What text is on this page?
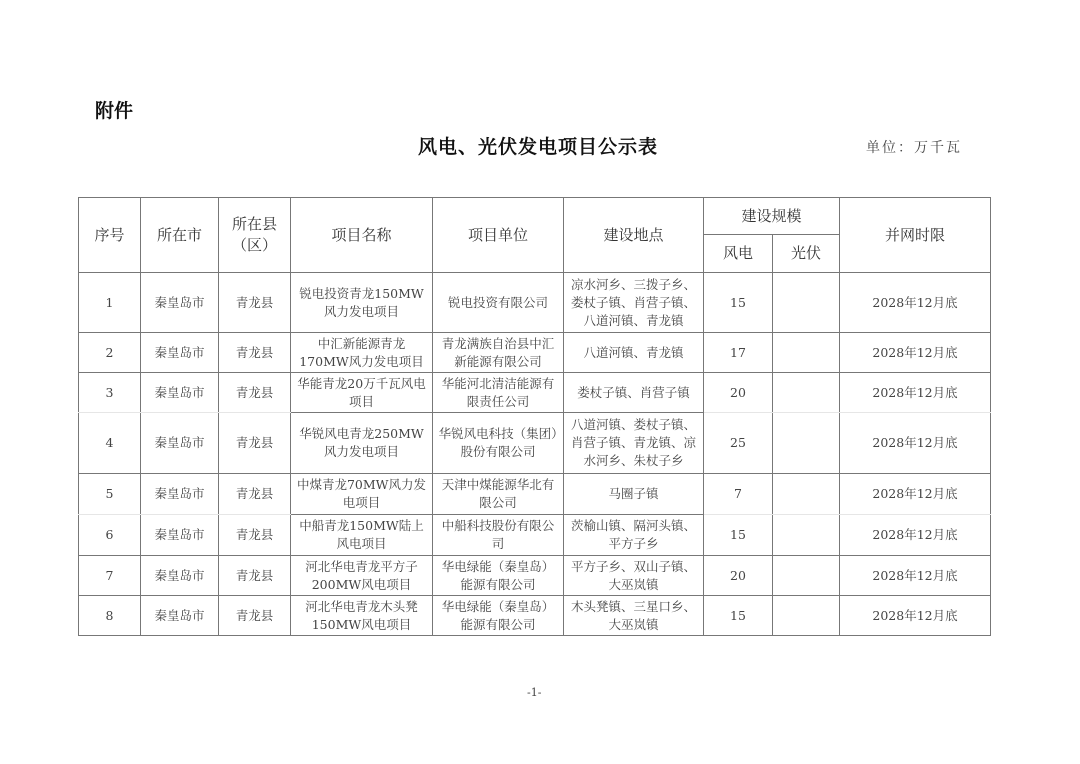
附件
风电、光伏发电项目公示表	单位：万千瓦
序号	所在市	所在县（区）	项目名称	项目单位	建设地点	建设规模		并网时限
						风电	光伏	
1	秦皇岛市	青龙县	锐电投资青龙150MW风力发电项目	锐电投资有限公司	凉水河乡、三拨子乡、娄杖子镇、肖营子镇、八道河镇、青龙镇	15		2028年12月底
2	秦皇岛市	青龙县	中汇新能源青龙170MW风力发电项目	青龙满族自治县中汇新能源有限公司	八道河镇、青龙镇	17		2028年12月底
3	秦皇岛市	青龙县	华能青龙20万千瓦风电项目	华能河北清洁能源有限责任公司	娄杖子镇、肖营子镇	20		2028年12月底
4	秦皇岛市	青龙县	华锐风电青龙250MW风力发电项目	华锐风电科技（集团）股份有限公司	八道河镇、娄杖子镇、肖营子镇、青龙镇、凉水河乡、朱杖子乡	25		2028年12月底
5	秦皇岛市	青龙县	中煤青龙70MW风力发电项目	天津中煤能源华北有限公司	马圈子镇	7		2028年12月底
6	秦皇岛市	青龙县	中船青龙150MW陆上风电项目	中船科技股份有限公司	茨榆山镇、隔河头镇、平方子乡	15		2028年12月底
7	秦皇岛市	青龙县	河北华电青龙平方子200MW风电项目	华电绿能（秦皇岛）能源有限公司	平方子乡、双山子镇、大巫岚镇	20		2028年12月底
8	秦皇岛市	青龙县	河北华电青龙木头凳150MW风电项目	华电绿能（秦皇岛）能源有限公司	木头凳镇、三星口乡、大巫岚镇	15		2028年12月底
-1-
